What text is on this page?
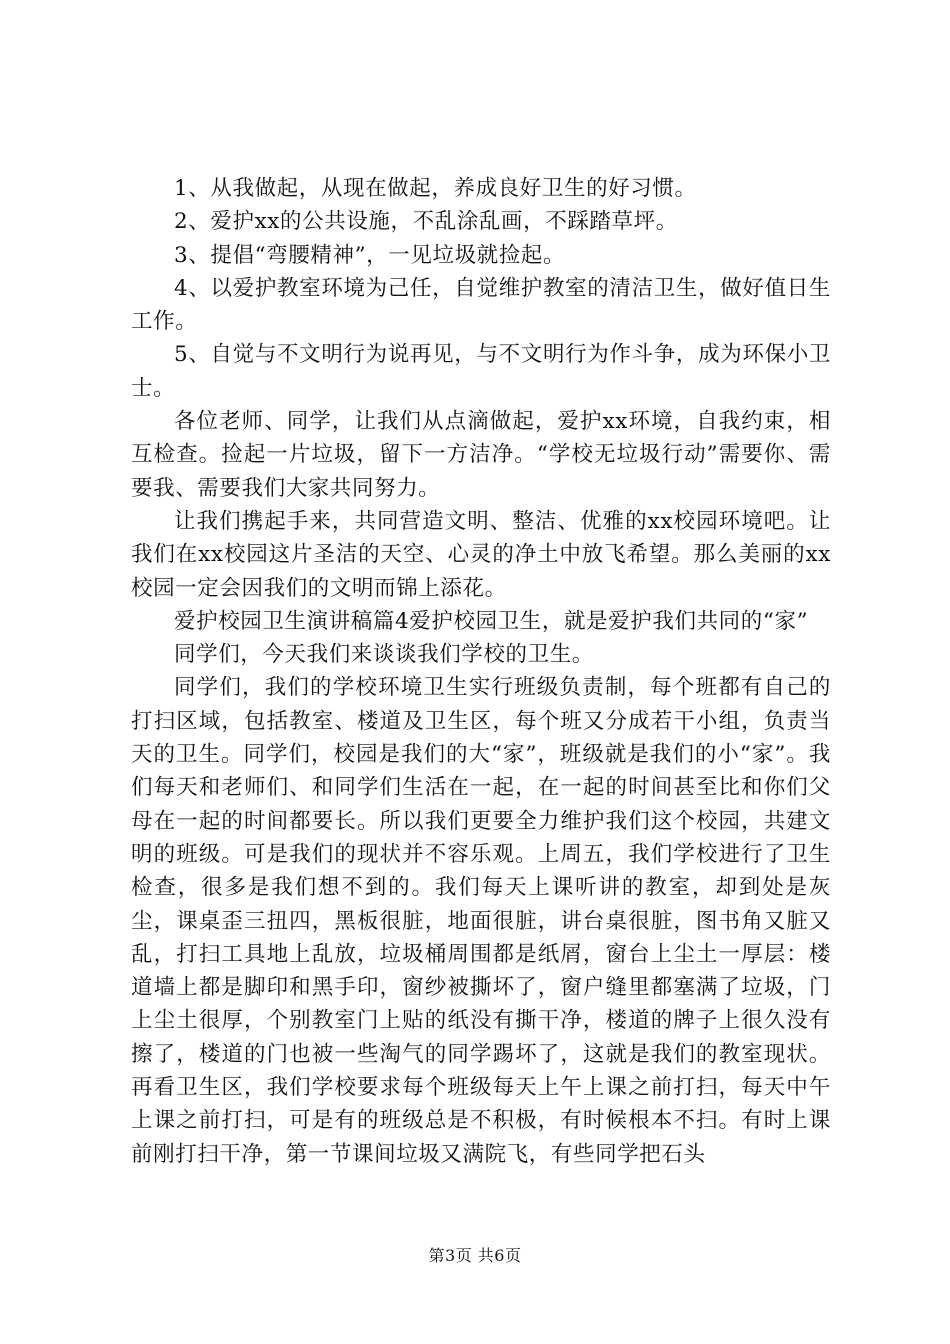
1、从我做起，从现在做起，养成良好卫生的好习惯。

2、爱护xx的公共设施，不乱涂乱画，不踩踏草坪。

3、提倡“弯腰精神”，一见垃圾就捡起。

4、以爱护教室环境为己任，自觉维护教室的清洁卫生，做好值日生工作。

5、自觉与不文明行为说再见，与不文明行为作斗争，成为环保小卫士。

各位老师、同学，让我们从点滴做起，爱护xx环境，自我约束，相互检查。捡起一片垃圾，留下一方洁净。“学校无垃圾行动”需要你、需要我、需要我们大家共同努力。

让我们携起手来，共同营造文明、整洁、优雅的xx校园环境吧。让我们在xx校园这片圣洁的天空、心灵的净土中放飞希望。那么美丽的xx校园一定会因我们的文明而锦上添花。

爱护校园卫生演讲稿篇4爱护校园卫生，就是爱护我们共同的“家”

同学们，今天我们来谈谈我们学校的卫生。

同学们，我们的学校环境卫生实行班级负责制，每个班都有自己的打扫区域，包括教室、楼道及卫生区，每个班又分成若干小组，负责当天的卫生。同学们，校园是我们的大“家”，班级就是我们的小“家”。我们每天和老师们、和同学们生活在一起，在一起的时间甚至比和你们父母在一起的时间都要长。所以我们更要全力维护我们这个校园，共建文明的班级。可是我们的现状并不容乐观。上周五，我们学校进行了卫生检查，很多是我们想不到的。我们每天上课听讲的教室，却到处是灰尘，课桌歪三扭四，黑板很脏，地面很脏，讲台桌很脏，图书角又脏又乱，打扫工具地上乱放，垃圾桶周围都是纸屑，窗台上尘土一厚层：楼道墙上都是脚印和黑手印，窗纱被撕坏了，窗户缝里都塞满了垃圾，门上尘土很厚，个别教室门上贴的纸没有撕干净，楼道的牌子上很久没有擦了，楼道的门也被一些淘气的同学踢坏了，这就是我们的教室现状。再看卫生区，我们学校要求每个班级每天上午上课之前打扫，每天中午上课之前打扫，可是有的班级总是不积极，有时候根本不扫。有时上课前刚打扫干净，第一节课间垃圾又满院飞，有些同学把石头

第3页 共6页
